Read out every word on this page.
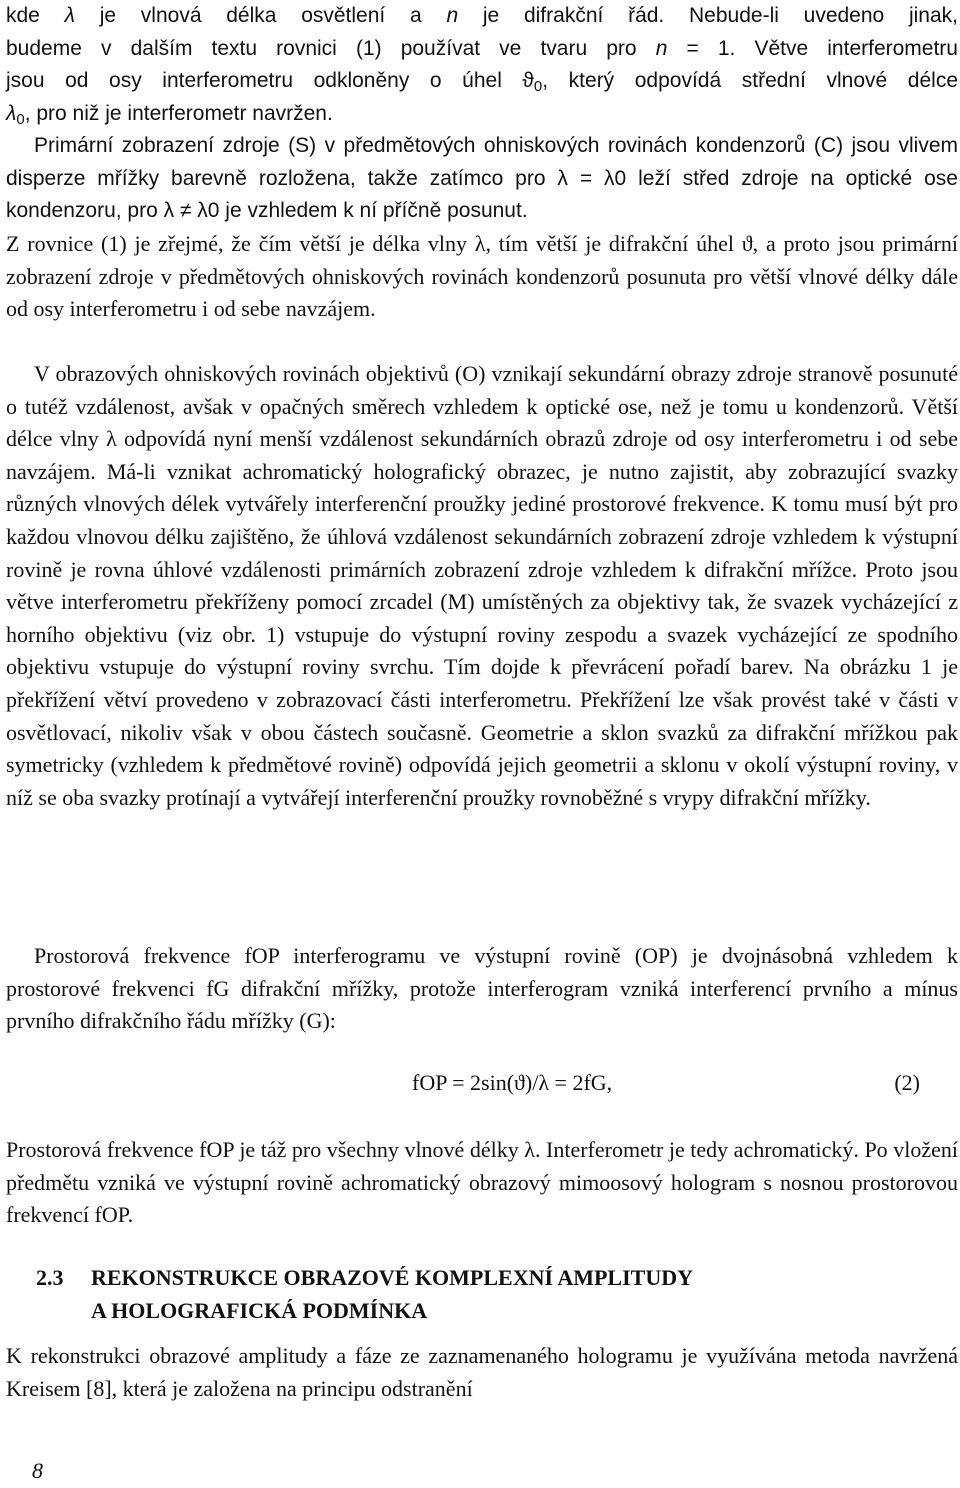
kde λ je vlnová délka osvětlení a n je difrakční řád. Nebude-li uvedeno jinak,
budeme v dalším textu rovnici (1) používat ve tvaru pro n = 1. Větve interferometru
jsou od osy interferometru odkloněny o úhel $ϑ_0$, který odpovídá střední vlnové délce
$\lambda_0$, pro niž je interferometr navržen.
Primární zobrazení zdroje (S) v předmětových ohniskových rovinách kondenzorů (C) jsou vlivem disperze mřížky barevně rozložena, takže zatímco pro λ = λ0 leží střed zdroje na optické ose kondenzoru, pro λ ≠ λ0 je vzhledem k ní příčně posunut.
Z rovnice (1) je zřejmé, že čím větší je délka vlny λ, tím větší je difrakční úhel ϑ, a proto jsou primární zobrazení zdroje v předmětových ohniskových rovinách kondenzorů posunuta pro větší vlnové délky dále od osy interferometru i od sebe navzájem.
V obrazových ohniskových rovinách objektivů (O) vznikají sekundární obrazy zdroje stranově posunuté o tutéž vzdálenost, avšak v opačných směrech vzhledem k optické ose, než je tomu u kondenzorů. Větší délce vlny λ odpovídá nyní menší vzdálenost sekundárních obrazů zdroje od osy interferometru i od sebe navzájem. Má-li vznikat achromatický holografický obrazec, je nutno zajistit, aby zobrazující svazky různých vlnových délek vytvářely interferenční proužky jediné prostorové frekvence. K tomu musí být pro každou vlnovou délku zajištěno, že úhlová vzdálenost sekundárních zobrazení zdroje vzhledem k výstupní rovině je rovna úhlové vzdálenosti primárních zobrazení zdroje vzhledem k difrakční mřížce. Proto jsou větve interferometru překříženy pomocí zrcadel (M) umístěných za objektivy tak, že svazek vycházející z horního objektivu (viz obr. 1) vstupuje do výstupní roviny zespodu a svazek vycházející ze spodního objektivu vstupuje do výstupní roviny svrchu. Tím dojde k převrácení pořadí barev. Na obrázku 1 je překřížení větví provedeno v zobrazovací části interferometru. Překřížení lze však provést také v části v osvětlovací, nikoliv však v obou částech současně. Geometrie a sklon svazků za difrakční mřížkou pak symetricky (vzhledem k předmětové rovině) odpovídá jejich geometrii a sklonu v okolí výstupní roviny, v níž se oba svazky protínají a vytvářejí interferenční proužky rovnoběžné s vrypy difrakční mřížky.
Prostorová frekvence fOP interferogramu ve výstupní rovině (OP) je dvojnásobná vzhledem k prostorové frekvenci fG difrakční mřížky, protože interferogram vzniká interferencí prvního a mínus prvního difrakčního řádu mřížky (G):
fOP = 2sin(ϑ)/λ = 2fG,	(2)
Prostorová frekvence fOP je táž pro všechny vlnové délky λ. Interferometr je tedy achromatický. Po vložení předmětu vzniká ve výstupní rovině achromatický obrazový mimoosový hologram s nosnou prostorovou frekvencí fOP.
2.3 REKONSTRUKCE OBRAZOVÉ KOMPLEXNÍ AMPLITUDY
A HOLOGRAFICKÁ PODMÍNKA
K rekonstrukci obrazové amplitudy a fáze ze zaznamenaného hologramu je využívána metoda navržená Kreisem [8], která je založena na principu odstranění
8
